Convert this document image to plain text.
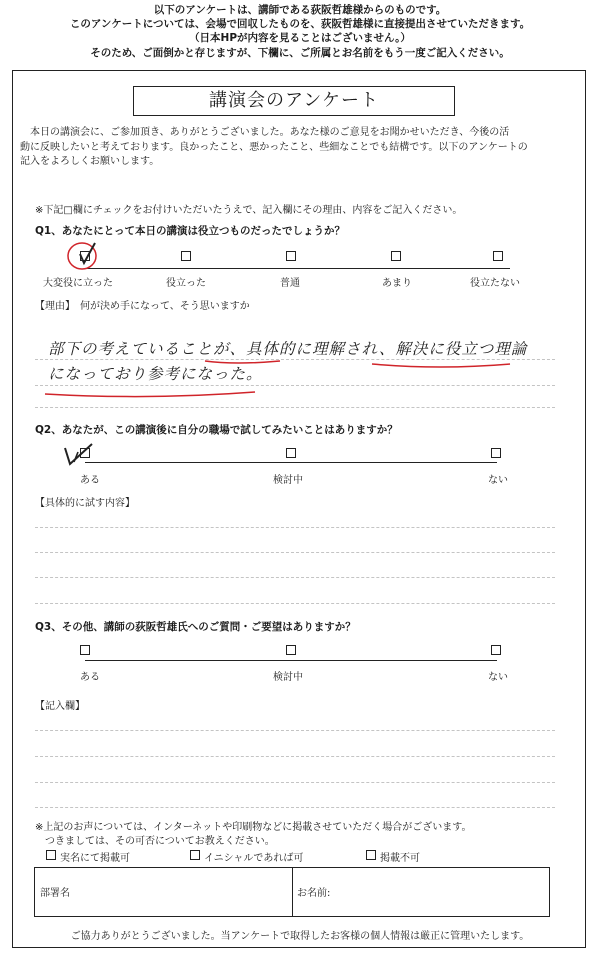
以下のアンケートは、講師である荻阪哲雄様からのものです。
このアンケートについては、会場で回収したものを、荻阪哲雄様に直接提出させていただきます。
（日本HPが内容を見ることはございません。）
そのため、ご面倒かと存じますが、下欄に、ご所属とお名前をもう一度ご記入ください。
講演会のアンケート
本日の講演会に、ご参加頂き、ありがとうございました。あなた様のご意見をお聞かせいただき、今後の活
動に反映したいと考えております。良かったこと、悪かったこと、些細なことでも結構です。以下のアンケートの
記入をよろしくお願いします。
※下記□欄にチェックをお付けいただいたうえで、記入欄にその理由、内容をご記入ください。
Q1、あなたにとって本日の講演は役立つものだったでしょうか？
大変役に立った	役立った	普通	あまり	役立たない
【理由】　何が決め手になって、そう思いますか
部下の考えていることが、具体的に理解され、解決に役立つ理論
になっており参考になった。
Q2、あなたが、この講演後に自分の職場で試してみたいことはありますか？
ある	検討中	ない
【具体的に試す内容】
Q3、その他、講師の荻阪哲雄氏へのご質問・ご要望はありますか？
ある	検討中	ない
【記入欄】
※上記のお声については、インターネットや印刷物などに掲載させていただく場合がございます。
つきましては、その可否についてお教えください。
実名にて掲載可	イニシャルであれば可	掲載不可
部署名	お名前:
ご協力ありがとうございました。当アンケートで取得したお客様の個人情報は厳正に管理いたします。
